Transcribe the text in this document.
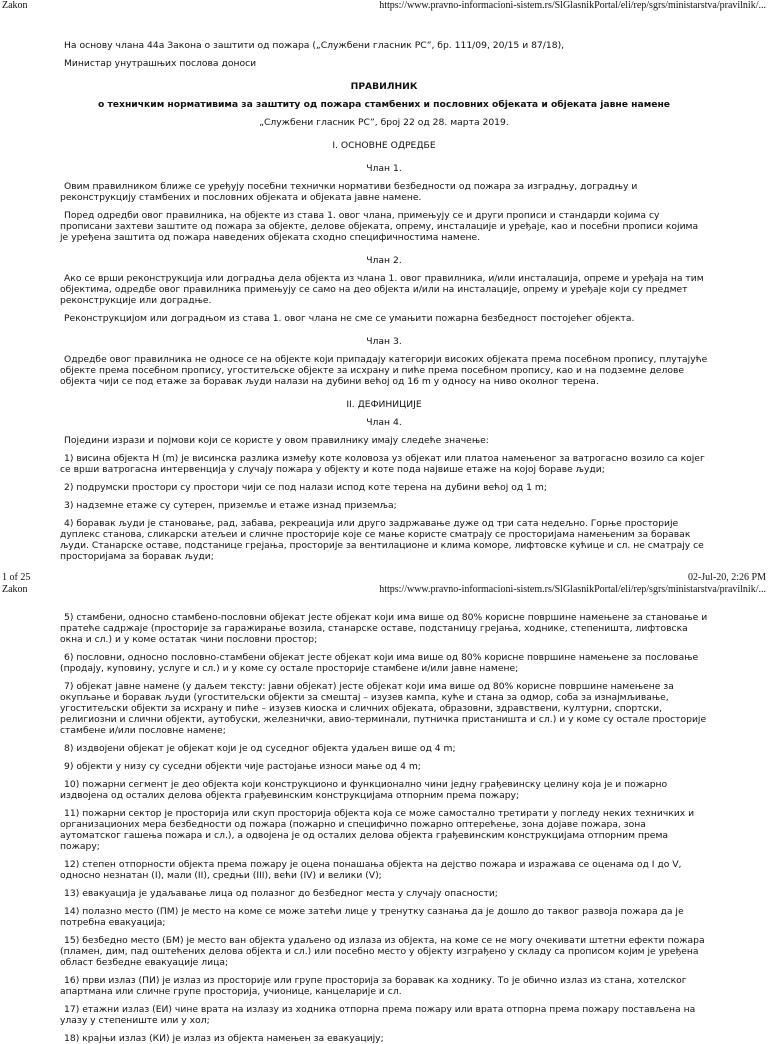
Zakon	https://www.pravno-informacioni-sistem.rs/SlGlasnikPortal/eli/rep/sgrs/ministarstva/pravilnik/...

На основу члана 44а Закона о заштити од пожара („Службени гласник РС”, бр. 111/09, 20/15 и 87/18),

Министар унутрашњих послова доноси

ПРАВИЛНИК

о техничким нормативима за заштиту од пожара стамбених и пословних објеката и објеката јавне намене

„Службени гласник РС”, број 22 од 28. марта 2019.

I. ОСНОВНЕ ОДРЕДБЕ

Члан 1.

Овим правилником ближе се уређују посебни технички нормативи безбедности од пожара за изградњу, доградњу и реконструкцију стамбених и пословних објеката и објеката јавне намене.

Поред одредби овог правилника, на објекте из става 1. овог члана, примењују се и други прописи и стандарди којима су прописани захтеви заштите од пожара за објекте, делове објеката, опрему, инсталације и уређаје, као и посебни прописи којима је уређена заштита од пожара наведених објеката сходно специфичностима намене.

Члан 2.

Ако се врши реконструкција или доградња дела објекта из члана 1. овог правилника, и/или инсталација, опреме и уређаја на тим објектима, одредбе овог правилника примењују се само на део објекта и/или на инсталације, опрему и уређаје који су предмет реконструкције или доградње.

Реконструкцијом или доградњом из става 1. овог члана не сме се умањити пожарна безбедност постојећег објекта.

Члан 3.

Одредбе овог правилника не односе се на објекте који припадају категорији високих објеката према посебном пропису, плутајуће објекте према посебном пропису, угоститељске објекте за исхрану и пиће према посебном пропису, као и на подземне делове објекта чији се под етаже за боравак људи налази на дубини већој од 16 m у односу на ниво околног терена.

II. ДЕФИНИЦИЈЕ

Члан 4.

Поједини изрази и појмови који се користе у овом правилнику имају следеће значење:

1) висина објекта H (m) је висинска разлика између коте коловоза уз објекат или платоа намењеног за ватрогасно возило са којег се врши ватрогасна интервенција у случају пожара у објекту и коте пода највише етаже на којој бораве људи;

2) подрумски простори су простори чији се под налази испод коте терена на дубини већој од 1 m;

3) надземне етаже су сутерен, приземље и етаже изнад приземља;

4) боравак људи је становање, рад, забава, рекреација или друго задржавање дуже од три сата недељно. Горње просторије дуплекс станова, сликарски атељеи и сличне просторије које се мање користе сматрају се просторијама намењеним за боравак људи. Станарске оставе, подстанице грејања, просторије за вентилационе и клима коморе, лифтовске кућице и сл. не сматрају се просторијама за боравак људи;

1 of 25	02-Jul-20, 2:26 PM
Zakon	https://www.pravno-informacioni-sistem.rs/SlGlasnikPortal/eli/rep/sgrs/ministarstva/pravilnik/...

5) стамбени, односно стамбено-пословни објекат јесте објекат који има више од 80% корисне површине намењене за становање и пратеће садржаје (просторије за гаражирање возила, станарске оставе, подстаницу грејања, ходнике, степеништа, лифтовска окна и сл.) и у коме остатак чини пословни простор;

6) пословни, односно пословно-стамбени објекат јесте објекат који има више од 80% корисне површине намењене за пословање (продају, куповину, услуге и сл.) и у коме су остале просторије стамбене и/или јавне намене;

7) објекат јавне намене (у даљем тексту: јавни објекат) јесте објекат који има више од 80% корисне површине намењене за окупљање и боравак људи (угоститељски објекти за смештај – изузев кампа, куће и стана за одмор, соба за изнајмљивање, угоститељски објекти за исхрану и пиће – изузев киоска и сличних објеката, образовни, здравствени, културни, спортски, религиозни и слични објекти, аутобуски, железнички, авио-терминали, путничка пристаништа и сл.) и у коме су остале просторије стамбене и/или пословне намене;

8) издвојени објекат је објекат који је од суседног објекта удаљен више од 4 m;

9) објекти у низу су суседни објекти чије растојање износи мање од 4 m;

10) пожарни сегмент је део објекта који конструкционо и функционално чини једну грађевинску целину која је и пожарно издвојена од осталих делова објекта грађевинским конструкцијама отпорним према пожару;

11) пожарни сектор је просторија или скуп просторија објекта која се може самостално третирати у погледу неких техничких и организационих мера безбедности од пожара (пожарно и специфично пожарно оптерећење, зона дојаве пожара, зона аутоматског гашења пожара и сл.), а одвојена је од осталих делова објекта грађевинским конструкцијама отпорним према пожару;

12) степен отпорности објекта према пожару је оцена понашања објекта на дејство пожара и изражава се оценама од I до V, односно незнатан (I), мали (II), средњи (III), већи (IV) и велики (V);

13) евакуација је удаљавање лица од полазног до безбедног места у случају опасности;

14) полазно место (ПМ) је место на коме се може затећи лице у тренутку сазнања да је дошло до таквог развоја пожара да је потребна евакуација;

15) безбедно место (БМ) је место ван објекта удаљено од излаза из објекта, на коме се не могу очекивати штетни ефекти пожара (пламен, дим, пад оштећених делова објекта и сл.) или посебно место у објекту изграђено у складу са прописом којим је уређена област безбедне евакуације лица;

16) први излаз (ПИ) је излаз из просторије или групе просторија за боравак ка ходнику. То је обично излаз из стана, хотелског апартмана или сличне групе просторија, учионице, канцеларије и сл.

17) етажни излаз (ЕИ) чине врата на излазу из ходника отпорна према пожару или врата отпорна према пожару постављена на улазу у степениште или у хол;

18) крајњи излаз (КИ) је излаз из објекта намењен за евакуацију;
